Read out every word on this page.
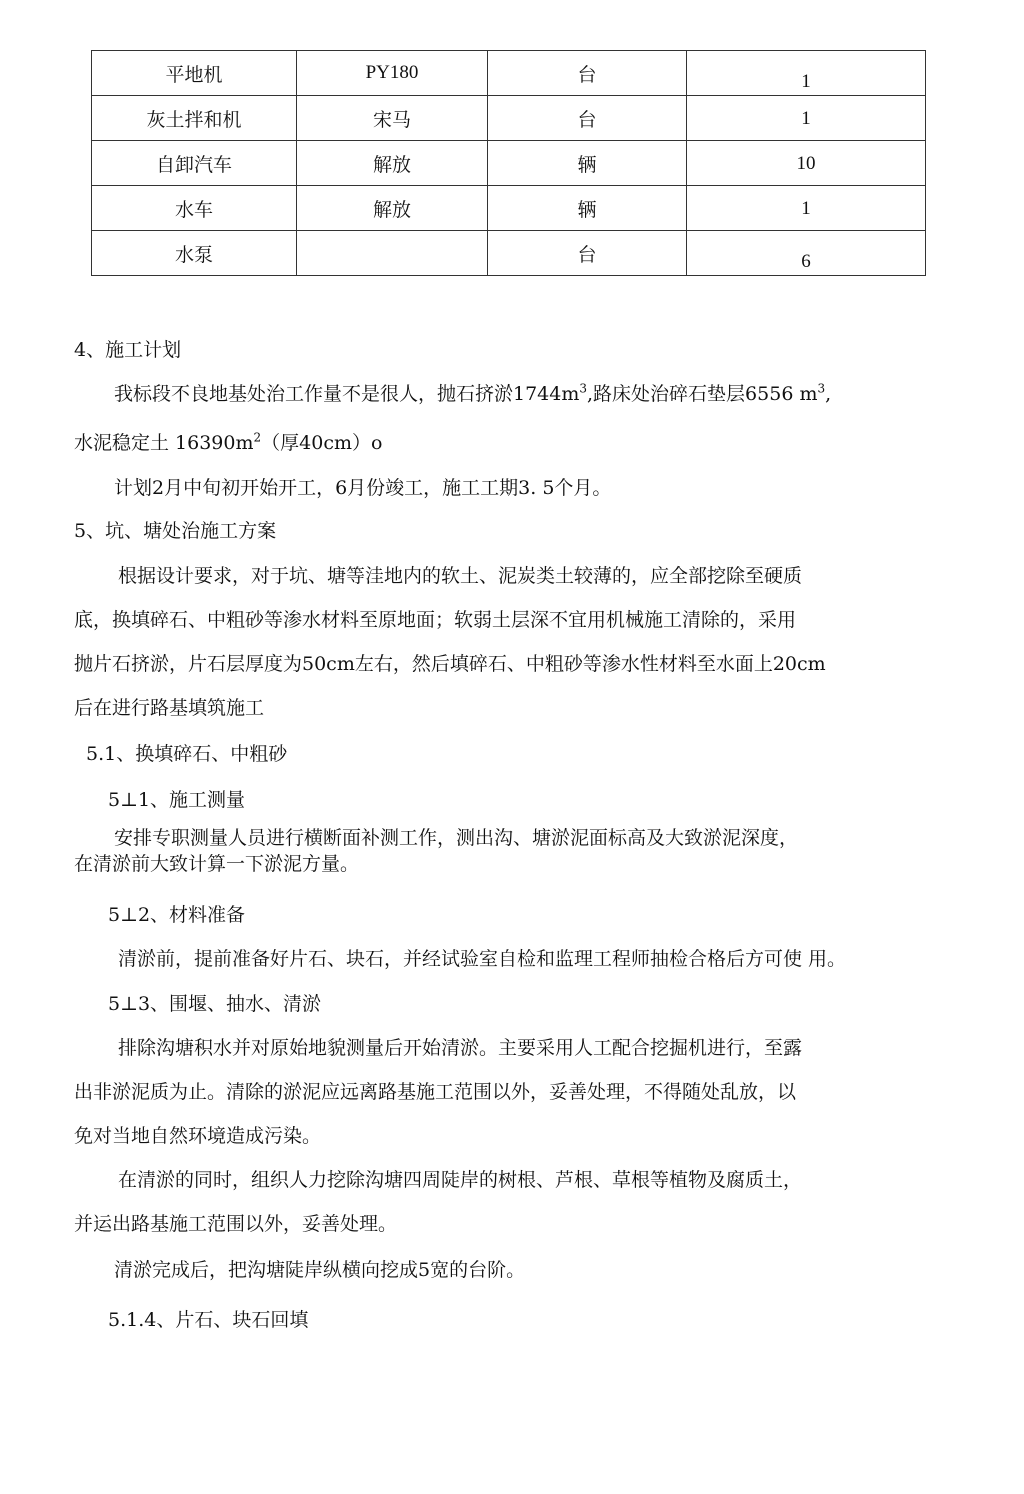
平地机	PY180	台	1
灰土拌和机	宋马	台	1
自卸汽车	解放	辆	10
水车	解放	辆	1
水泵		台	6
4、施工计划
我标段不良地基处治工作量不是很人，抛石挤淤$1744m^3$,路床处治碎石垫层6556 $m^3$,
水泥稳定土 $16390m^2$（厚40cm）o
计划2月中旬初开始开工，6月份竣工，施工工期3. 5个月。
5、坑、塘处治施工方案
根据设计要求，对于坑、塘等洼地内的软土、泥炭类土较薄的，应全部挖除至硬质
底，换填碎石、中粗砂等渗水材料至原地面；软弱土层深不宜用机械施工清除的，采用
抛片石挤淤，片石层厚度为50cm左右，然后填碎石、中粗砂等渗水性材料至水面上20cm
后在进行路基填筑施工
5.1、换填碎石、中粗砂
5⊥1、施工测量
安排专职测量人员进行横断面补测工作，测出沟、塘淤泥面标高及大致淤泥深度，
在清淤前大致计算一下淤泥方量。
5⊥2、材料准备
清淤前，提前准备好片石、块石，并经试验室自检和监理工程师抽检合格后方可使 用。
5⊥3、围堰、抽水、清淤
排除沟塘积水并对原始地貌测量后开始清淤。主要采用人工配合挖掘机进行，至露
出非淤泥质为止。清除的淤泥应远离路基施工范围以外，妥善处理，不得随处乱放，以
免对当地自然环境造成污染。
在清淤的同时，组织人力挖除沟塘四周陡岸的树根、芦根、草根等植物及腐质土，
并运出路基施工范围以外，妥善处理。
清淤完成后，把沟塘陡岸纵横向挖成5宽的台阶。
5.1.4、片石、块石回填
